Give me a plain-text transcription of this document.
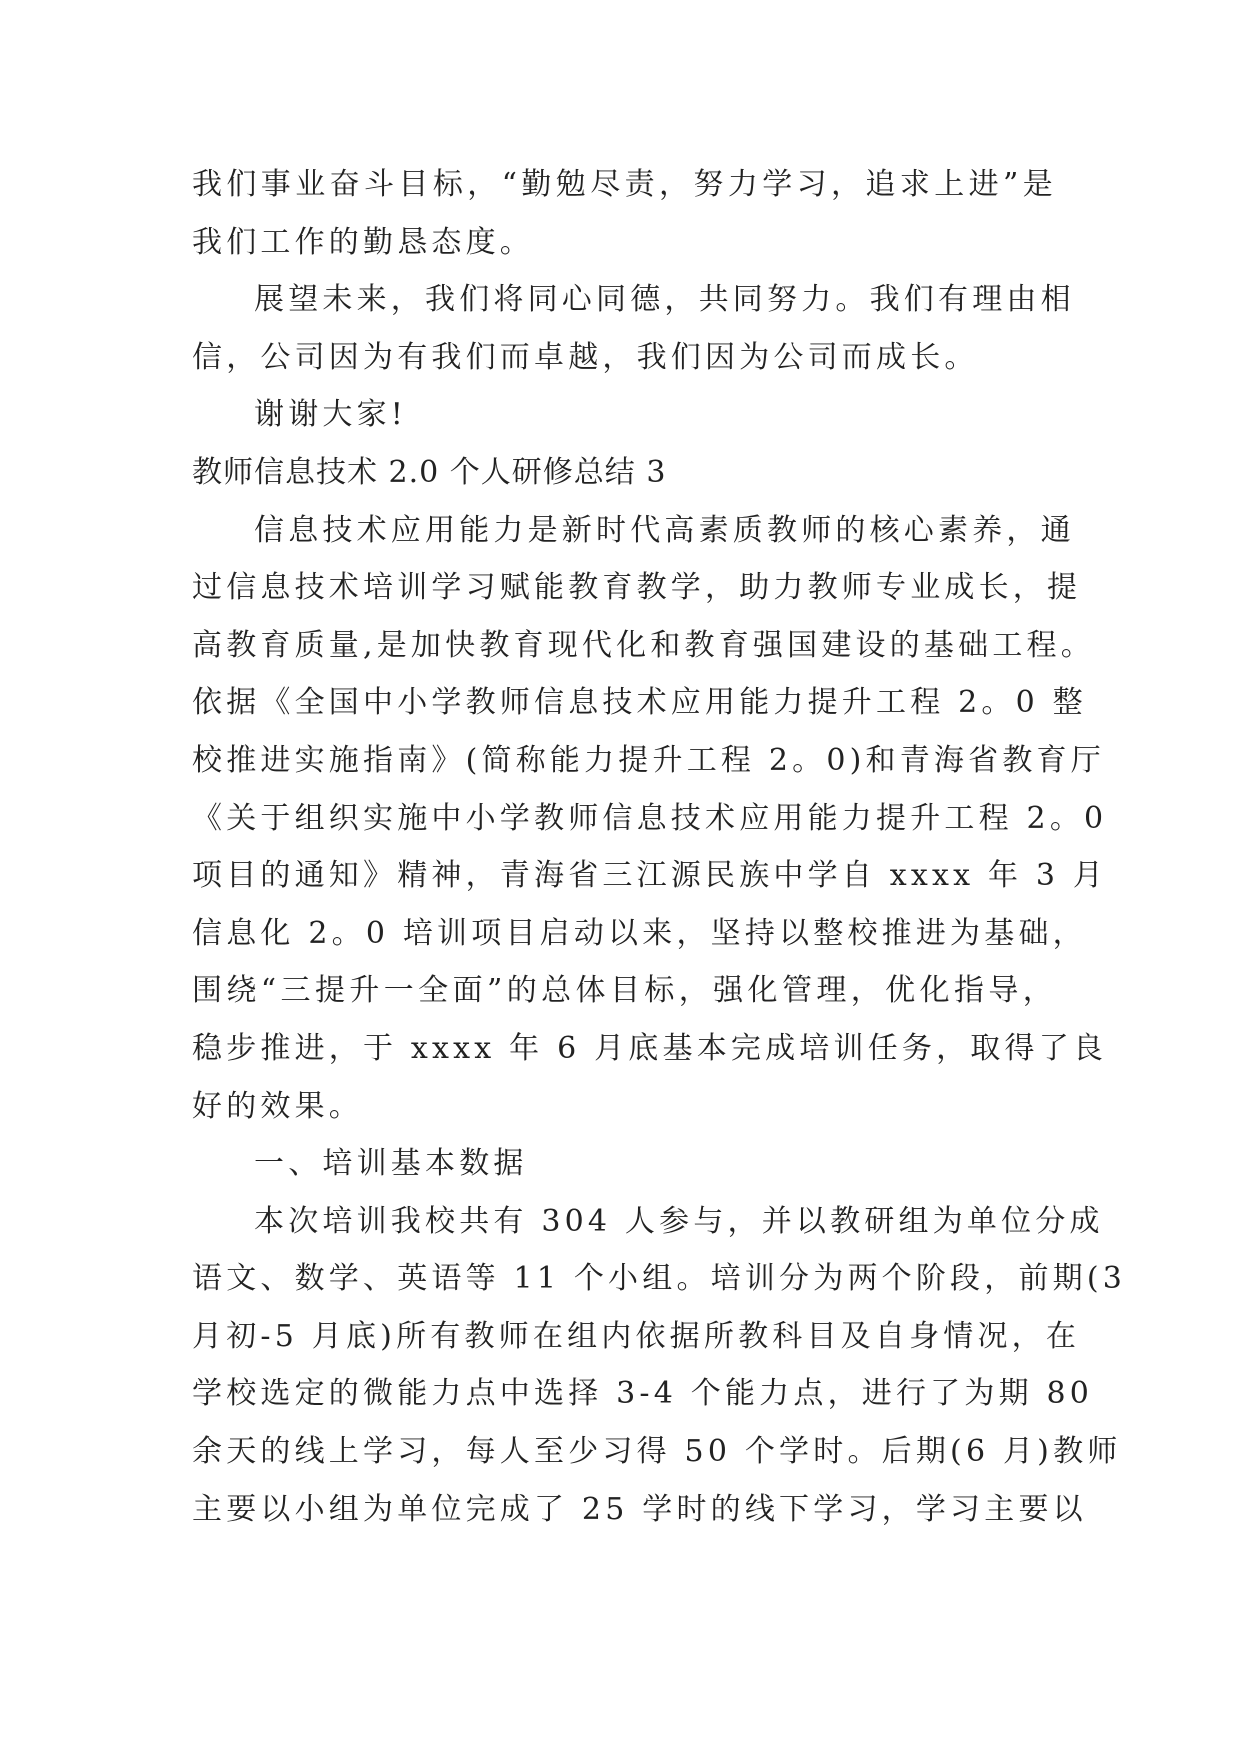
我们事业奋斗目标，“勤勉尽责，努力学习，追求上进”是
我们工作的勤恳态度。
展望未来，我们将同心同德，共同努力。我们有理由相
信，公司因为有我们而卓越，我们因为公司而成长。
谢谢大家!
教师信息技术 2.0 个人研修总结 3
信息技术应用能力是新时代高素质教师的核心素养，通
过信息技术培训学习赋能教育教学，助力教师专业成长，提
高教育质量,是加快教育现代化和教育强国建设的基础工程。
依据《全国中小学教师信息技术应用能力提升工程 2。0 整
校推进实施指南》(简称能力提升工程 2。0)和青海省教育厅
《关于组织实施中小学教师信息技术应用能力提升工程 2。0
项目的通知》精神，青海省三江源民族中学自 xxxx 年 3 月
信息化 2。0 培训项目启动以来，坚持以整校推进为基础，
围绕“三提升一全面”的总体目标，强化管理，优化指导，
稳步推进，于 xxxx 年 6 月底基本完成培训任务，取得了良
好的效果。
一、培训基本数据
本次培训我校共有 304 人参与，并以教研组为单位分成
语文、数学、英语等 11 个小组。培训分为两个阶段，前期(3
月初-5 月底)所有教师在组内依据所教科目及自身情况，在
学校选定的微能力点中选择 3-4 个能力点，进行了为期 80
余天的线上学习，每人至少习得 50 个学时。后期(6 月)教师
主要以小组为单位完成了 25 学时的线下学习，学习主要以
